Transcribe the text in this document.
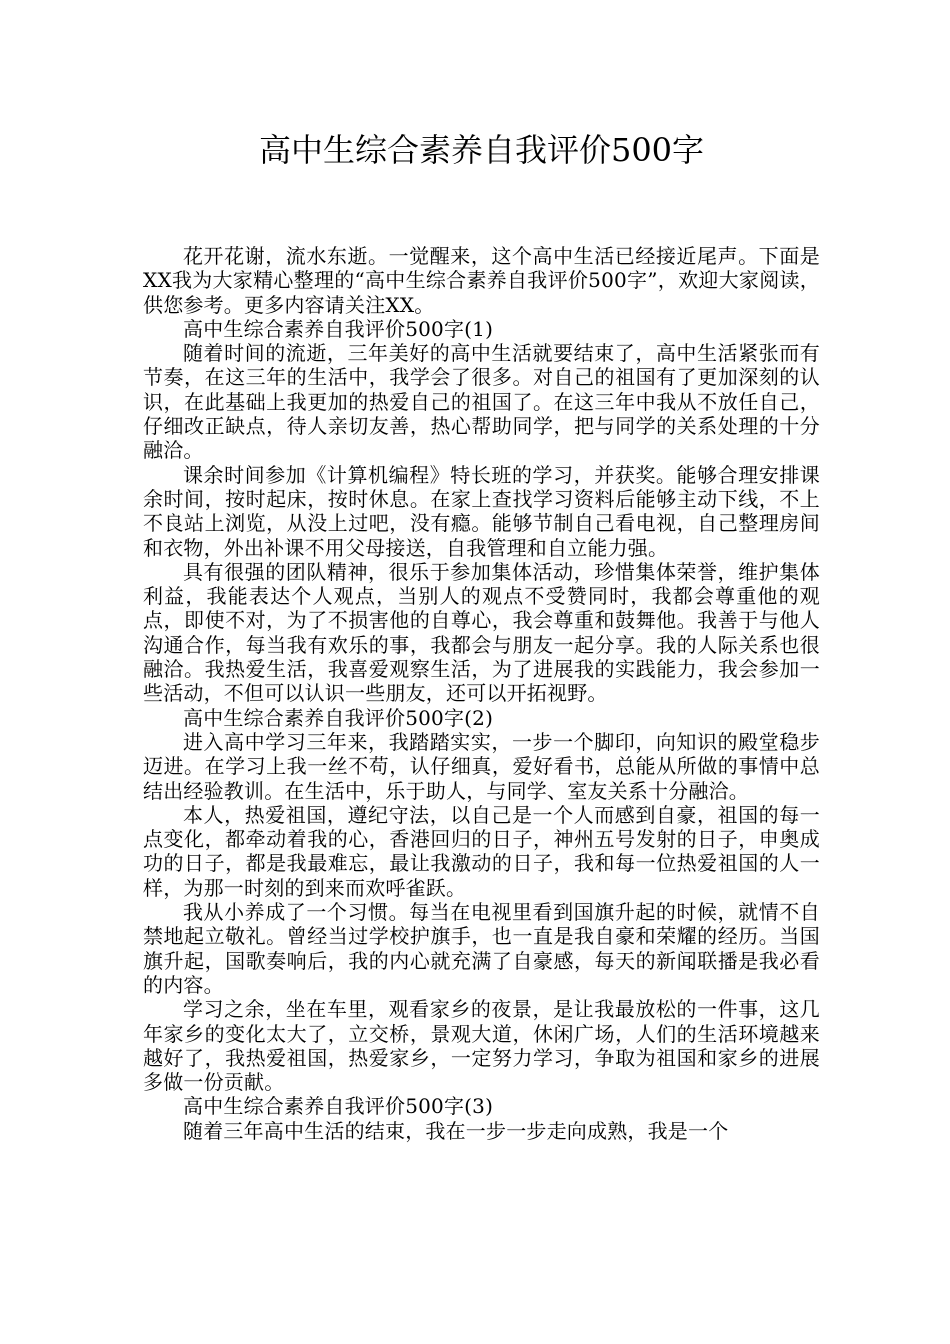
高中生综合素养自我评价500字

花开花谢，流水东逝。一觉醒来，这个高中生活已经接近尾声。下面是XX我为大家精心整理的“高中生综合素养自我评价500字”，欢迎大家阅读，供您参考。更多内容请关注XX。

高中生综合素养自我评价500字(1)

随着时间的流逝，三年美好的高中生活就要结束了，高中生活紧张而有节奏，在这三年的生活中，我学会了很多。对自己的祖国有了更加深刻的认识，在此基础上我更加的热爱自己的祖国了。在这三年中我从不放任自己，仔细改正缺点，待人亲切友善，热心帮助同学，把与同学的关系处理的十分融洽。

课余时间参加《计算机编程》特长班的学习，并获奖。能够合理安排课余时间，按时起床，按时休息。在家上查找学习资料后能够主动下线，不上不良站上浏览，从没上过吧，没有瘾。能够节制自己看电视，自己整理房间和衣物，外出补课不用父母接送，自我管理和自立能力强。

具有很强的团队精神，很乐于参加集体活动，珍惜集体荣誉，维护集体利益，我能表达个人观点，当别人的观点不受赞同时，我都会尊重他的观点，即使不对，为了不损害他的自尊心，我会尊重和鼓舞他。我善于与他人沟通合作，每当我有欢乐的事，我都会与朋友一起分享。我的人际关系也很融洽。我热爱生活，我喜爱观察生活，为了进展我的实践能力，我会参加一些活动，不但可以认识一些朋友，还可以开拓视野。

高中生综合素养自我评价500字(2)

进入高中学习三年来，我踏踏实实，一步一个脚印，向知识的殿堂稳步迈进。在学习上我一丝不苟，认仔细真，爱好看书，总能从所做的事情中总结出经验教训。在生活中，乐于助人，与同学、室友关系十分融洽。

本人，热爱祖国，遵纪守法，以自己是一个人而感到自豪，祖国的每一点变化，都牵动着我的心，香港回归的日子，神州五号发射的日子，申奥成功的日子，都是我最难忘，最让我激动的日子，我和每一位热爱祖国的人一样，为那一时刻的到来而欢呼雀跃。

我从小养成了一个习惯。每当在电视里看到国旗升起的时候，就情不自禁地起立敬礼。曾经当过学校护旗手，也一直是我自豪和荣耀的经历。当国旗升起，国歌奏响后，我的内心就充满了自豪感，每天的新闻联播是我必看的内容。

学习之余，坐在车里，观看家乡的夜景，是让我最放松的一件事，这几年家乡的变化太大了，立交桥，景观大道，休闲广场，人们的生活环境越来越好了，我热爱祖国，热爱家乡，一定努力学习，争取为祖国和家乡的进展多做一份贡献。

高中生综合素养自我评价500字(3)

随着三年高中生活的结束，我在一步一步走向成熟，我是一个
